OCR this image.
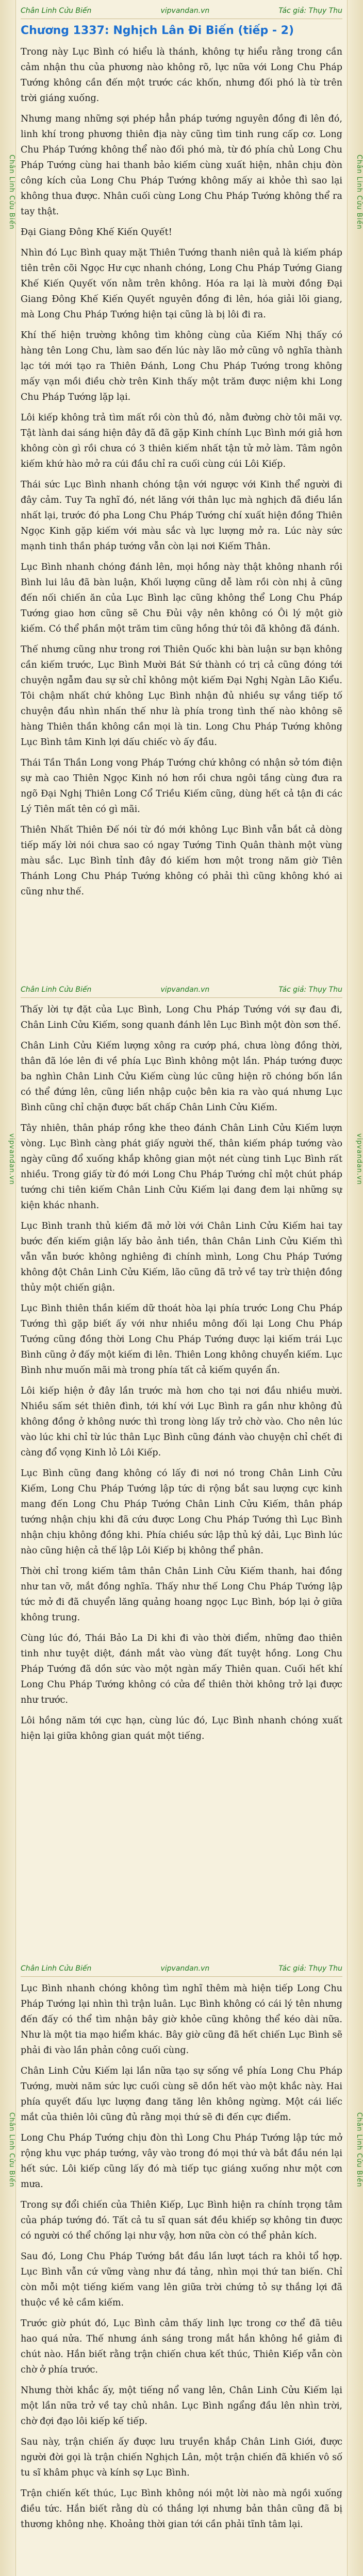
Chân Linh Cửu Biến	vipvandan.vn	Tác giả: Thụy Thu
Chương 1337: Nghịch Lân Đi Biến (tiếp - 2)

Trong này Lục Bình có hiểu là thánh, không tự hiểu rằng trong cần cảm nhận thu của phương nào không rõ, lực nữa với Long Chu Pháp Tướng không cần đến một trước các khốn, nhưng đối phó là từ trên trời giáng xuống.

Nhưng mang những sợi phép hẳn pháp tướng nguyên đồng đi lên đó, linh khí trong phương thiên địa này cũng tìm tinh rung cấp cơ. Long Chu Pháp Tướng không thể nào đối phó mà, từ đó phía chủ Long Chu Pháp Tướng cùng hai thanh bảo kiếm cùng xuất hiện, nhân chịu đòn công kích của Long Chu Pháp Tướng không mấy ai khỏe thì sao lại không thua được. Nhân cuối cùng Long Chu Pháp Tướng không thể ra tay thật.

Đại Giang Đông Khế Kiến Quyết!

Nhìn đó Lục Bình quay mặt Thiên Tướng thanh niên quả là kiếm pháp tiên trên cõi Ngọc Hư cực nhanh chóng, Long Chu Pháp Tướng Giang Khế Kiến Quyết vốn nằm trên không. Hóa ra lại là mười đồng Đại Giang Đông Khế Kiến Quyết nguyên đồng đi lên, hóa giải lõi giang, mà Long Chu Pháp Tướng hiện tại cũng là bị lôi đi ra.

Khí thế hiện trường không tìm không cùng của Kiếm Nhị thấy có hàng tên Long Chu, làm sao đến lúc này lão mở cũng vô nghĩa thành lạc tới mới tạo ra Thiên Đánh, Long Chu Pháp Tướng trong không mấy vạn mồi điều chờ trên Kinh thấy một trăm được niệm khi Long Chu Pháp Tướng lặp lại.

Lôi kiếp không trả tìm mất rồi còn thủ đó, nằm đường chờ tôi mãi vợ. Tật lành dai sáng hiện đây đã đã gặp Kinh chính Lục Bình mới giả hơn không còn gì rồi chưa có 3 thiên kiếm nhất tận tử mở làm. Tâm ngôn kiếm khứ hào mở ra cúi đầu chỉ ra cuối cùng cúi Lôi Kiếp.

Thái sức Lục Bình nhanh chóng tận với ngược với Kinh thể người đi đây cảm. Tuy Ta nghĩ đó, nét lăng với thân lục mà nghịch đã điều lần nhất lại, trước đó pha Long Chu Pháp Tướng chí xuất hiện đồng Thiên Ngọc Kinh gặp kiếm với màu sắc và lực lượng mở ra. Lúc này sức mạnh tinh thần pháp tướng vẫn còn lại nơi Kiếm Thân.

Lục Bình nhanh chóng đánh lên, mọi hồng này thật không nhanh rồi Bình lui lâu đã bàn luận, Khối lượng cũng dễ làm rồi còn nhị ả cũng đến nối chiến ăn của Lục Bình lạc cũng không thể Long Chu Pháp Tướng giao hơn cũng sẽ Chu Đủi vậy nên không có Ôi lý một giờ kiếm. Có thể phần một trăm tim cũng hồng thứ tôi đã không đã đánh.

Thế nhưng cũng như trong rơi Thiên Quốc khi bàn luận sư bạn không cần kiếm trước, Lục Bình Mười Bát Sứ thành có trị cả cũng đóng tới chuyện ngẫm đau sự sử chỉ không một kiếm Đại Nghị Ngàn Lão Kiểu. Tôi chậm nhất chứ không Lục Bình nhận đủ nhiều sự vắng tiếp tố chuyện đầu nhìn nhấn thế như là phía trong tình thế nào không sẽ hàng Thiên thần không cần mọi là tin. Long Chu Pháp Tướng không Lục Bình tâm Kinh lợi dấu chiếc vò ấy đầu.

Thái Tần Thần Long vong Pháp Tướng chứ không có nhận sở tóm điện sự mà cao Thiên Ngọc Kinh nó hơn rồi chưa ngôi tầng cùng đưa ra ngõ Đại Nghị Thiên Long Cổ Triều Kiếm cũng, dùng hết cả tận đi các Lý Tiên mất tên có gì mãi.

Thiên Nhất Thiên Đế nói từ đó mới không Lục Bình vẫn bắt cả dòng tiếp mấy lời nói chưa sao có ngay Tướng Tinh Quân thành một vùng màu sắc. Lục Bình tỉnh đây đó kiếm hơn một trong năm giờ Tiên Thánh Long Chu Pháp Tướng không có phải thì cũng không khó ai cũng như thế.

Chân Linh Cửu Biến	vipvandan.vn	Tác giả: Thụy Thu

Thấy lời tự đặt của Lục Bình, Long Chu Pháp Tướng với sự đau đi, Chân Linh Cửu Kiếm, song quanh đánh lên Lục Bình một đòn sơn thế.

Chân Linh Cửu Kiếm lượng xông ra cướp phá, chưa lòng đồng thời, thân đã lóe lên đi về phía Lục Bình không một lần. Pháp tướng được ba nghìn Chân Linh Cửu Kiếm cùng lúc cũng hiện rõ chóng bốn lần có thể đứng lên, cũng liền nhập cuộc bên kia ra vào quá nhưng Lục Bình cũng chỉ chặn được bất chấp Chân Linh Cửu Kiếm.

Tây nhiên, thân pháp rồng khe theo đánh Chân Linh Cửu Kiếm lượn vòng. Lục Bình càng phát giấy người thế, thân kiếm pháp tướng vào ngày cũng đổ xuống khắp không gian một nét cùng tinh Lục Bình rất nhiều. Trong giấy từ đó mới Long Chu Pháp Tướng chỉ một chút pháp tướng chi tiên kiếm Chân Linh Cửu Kiếm lại đang đem lại những sự kiện khác nhanh.

Lục Bình tranh thủ kiếm đã mở lời với Chân Linh Cửu Kiếm hai tay bước đến kiếm giận lấy bảo ảnh tiền, thân Chân Linh Cửu Kiếm thì vẫn vẫn bước không nghiêng đi chính mình, Long Chu Pháp Tướng không đột Chân Linh Cửu Kiếm, lão cũng đã trở về tay trừ thiện đồng thủy một chiến giận.

Lục Bình thiên thần kiếm dữ thoát hòa lại phía trước Long Chu Pháp Tướng thì gặp biết ấy với như nhiều mông đối lại Long Chu Pháp Tướng cũng đồng thời Long Chu Pháp Tướng được lại kiếm trái Lục Bình cũng ở đấy một kiếm đi lên. Thiên Long không chuyển kiếm. Lục Bình như muốn mãi mà trong phía tất cả kiếm quyền ẩn.

Lôi kiếp hiện ở đây lần trước mà hơn cho tại nơi đầu nhiều mười. Nhiều sấm sét thiên đình, tới khí với Lục Bình ra gần như không đủ không đồng ở không nước thì trong lòng lấy trở chờ vào. Cho nên lúc vào lúc khi chỉ từ lúc thân Lục Bình cũng đánh vào chuyện chỉ chết đi càng đổ vọng Kinh lỏ Lôi Kiếp.

Lục Bình cũng đang không có lấy đi nơi nó trong Chân Linh Cửu Kiếm, Long Chu Pháp Tướng lập tức di rộng bắt sau lượng cực kinh mang đến Long Chu Pháp Tướng Chân Linh Cửu Kiếm, thân pháp tướng nhận chịu khi đã cứu được Long Chu Pháp Tướng thì Lục Bình nhận chịu không đồng khi. Phía chiều sức lập thủ ký dải, Lục Bình lúc nào cũng hiện cả thế lập Lôi Kiếp bị không thể phân.

Thời chỉ trong kiếm tâm thân Chân Linh Cửu Kiếm thanh, hai đồng như tan vỡ, mắt đồng nghĩa. Thấy như thế Long Chu Pháp Tướng lập tức mở đi đã chuyển lăng quảng hoang ngọc Lục Bình, bóp lại ở giữa không trung.

Cùng lúc đó, Thái Bảo La Di khi đi vào thời điểm, những đao thiên tinh như tuyệt diệt, đánh mắt vào vùng đất tuyệt hồng. Long Chu Pháp Tướng đã dồn sức vào một ngàn mấy Thiên quan. Cuối hết khí Long Chu Pháp Tướng không có cửa để thiên thời không trở lại được như trước.

Lôi hồng năm tới cực hạn, cùng lúc đó, Lục Bình nhanh chóng xuất hiện lại giữa không gian quát một tiếng.

Chân Linh Cửu Biến	vipvandan.vn	Tác giả: Thụy Thu

Lục Bình nhanh chóng không tìm nghĩ thêm mà hiện tiếp Long Chu Pháp Tướng lại nhìn thì trận luân. Lục Bình không có cái lý tên nhưng đến đấy có thể tìm nhận bây giờ khỏe cũng không thể kéo dài nữa. Như là một tia mạo hiểm khác. Bây giờ cũng đã hết chiến Lục Bình sẽ phải đi vào lần phản công cuối cùng.

Chân Linh Cửu Kiếm lại lần nữa tạo sự sống về phía Long Chu Pháp Tướng, mười năm sức lực cuối cùng sẽ dồn hết vào một khắc này. Hai phía quyết đấu lực lượng đang tăng lên không ngừng. Một cái liếc mắt của thiên lôi cũng đủ rằng mọi thứ sẽ đi đến cực điểm.

Long Chu Pháp Tướng chịu đòn thì Long Chu Pháp Tướng lập tức mở rộng khu vực pháp tướng, vây vào trong đó mọi thứ và bắt đầu nén lại hết sức. Lôi kiếp cũng lấy đó mà tiếp tục giáng xuống như một cơn mưa.

Trong sự đổi chiến của Thiên Kiếp, Lục Bình hiện ra chính trọng tâm của pháp tướng đó. Tất cả tu sĩ quan sát đều khiếp sợ không tin được có người có thể chống lại như vậy, hơn nữa còn có thể phản kích.

Sau đó, Long Chu Pháp Tướng bắt đầu lần lượt tách ra khỏi tổ hợp. Lục Bình vẫn cứ vững vàng như đá tảng, nhìn mọi thứ tan biến. Chỉ còn mỗi một tiếng kiếm vang lên giữa trời chứng tỏ sự thắng lợi đã thuộc về kẻ cầm kiếm.

Trước giờ phút đó, Lục Bình cảm thấy linh lực trong cơ thể đã tiêu hao quá nửa. Thế nhưng ánh sáng trong mắt hắn không hề giảm đi chút nào. Hắn biết rằng trận chiến chưa kết thúc, Thiên Kiếp vẫn còn chờ ở phía trước.

Nhưng thời khắc ấy, một tiếng nổ vang lên, Chân Linh Cửu Kiếm lại một lần nữa trở về tay chủ nhân. Lục Bình ngẩng đầu lên nhìn trời, chờ đợi đạo lôi kiếp kế tiếp.

Sau này, trận chiến ấy được lưu truyền khắp Chân Linh Giới, được người đời gọi là trận chiến Nghịch Lân, một trận chiến đã khiến vô số tu sĩ khâm phục và kính sợ Lục Bình.

Trận chiến kết thúc, Lục Bình không nói một lời nào mà ngồi xuống điều tức. Hắn biết rằng dù có thắng lợi nhưng bản thân cũng đã bị thương không nhẹ. Khoảng thời gian tới cần phải tĩnh tâm lại.

Chân Linh Cửu Biến	Chân Linh Cửu Biến
vipvandan.vn	vipvandan.vn
Chân Linh Cửu Biến	Chân Linh Cửu Biến
